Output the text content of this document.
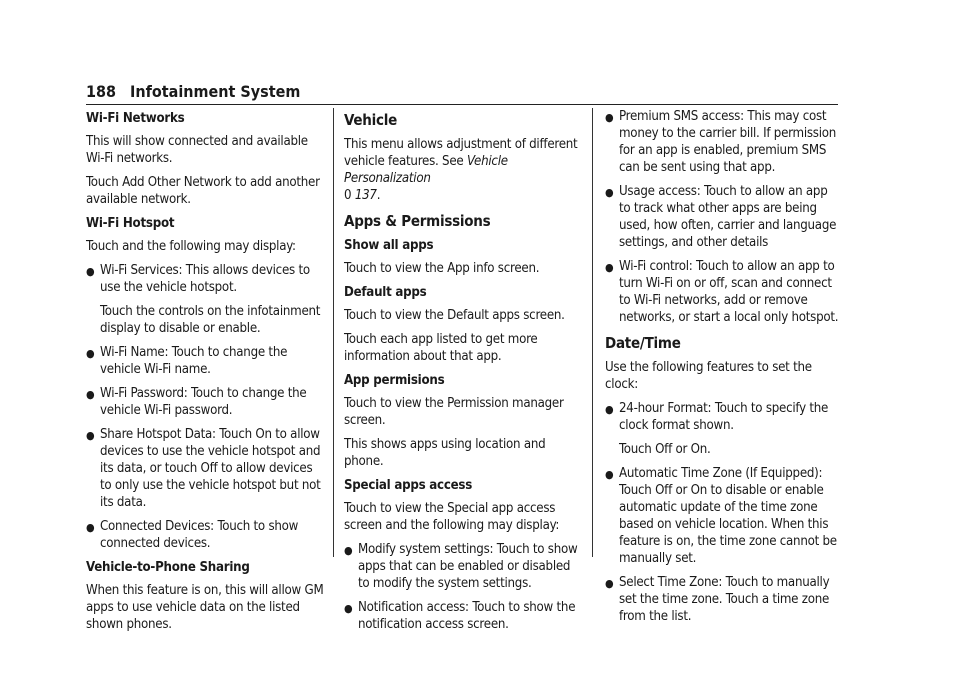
188 Infotainment System
Wi-Fi Networks
This will show connected and available Wi-Fi networks.
Touch Add Other Network to add another available network.
Wi-Fi Hotspot
Touch and the following may display:
● Wi-Fi Services: This allows devices to use the vehicle hotspot.
Touch the controls on the infotainment display to disable or enable.
● Wi-Fi Name: Touch to change the vehicle Wi-Fi name.
● Wi-Fi Password: Touch to change the vehicle Wi-Fi password.
● Share Hotspot Data: Touch On to allow devices to use the vehicle hotspot and its data, or touch Off to allow devices to only use the vehicle hotspot but not its data.
● Connected Devices: Touch to show connected devices.
Vehicle-to-Phone Sharing
When this feature is on, this will allow GM apps to use vehicle data on the listed shown phones.
Vehicle
This menu allows adjustment of different vehicle features. See Vehicle Personalization
0 137.
Apps & Permissions
Show all apps
Touch to view the App info screen.
Default apps
Touch to view the Default apps screen.
Touch each app listed to get more information about that app.
App permisions
Touch to view the Permission manager screen.
This shows apps using location and phone.
Special apps access
Touch to view the Special app access screen and the following may display:
● Modify system settings: Touch to show apps that can be enabled or disabled to modify the system settings.
● Notification access: Touch to show the notification access screen.
● Premium SMS access: This may cost money to the carrier bill. If permission for an app is enabled, premium SMS can be sent using that app.
● Usage access: Touch to allow an app to track what other apps are being used, how often, carrier and language settings, and other details
● Wi-Fi control: Touch to allow an app to turn Wi-Fi on or off, scan and connect to Wi-Fi networks, add or remove networks, or start a local only hotspot.
Date/Time
Use the following features to set the clock:
● 24-hour Format: Touch to specify the clock format shown.
Touch Off or On.
● Automatic Time Zone (If Equipped): Touch Off or On to disable or enable automatic update of the time zone based on vehicle location. When this feature is on, the time zone cannot be manually set.
● Select Time Zone: Touch to manually set the time zone. Touch a time zone from the list.
